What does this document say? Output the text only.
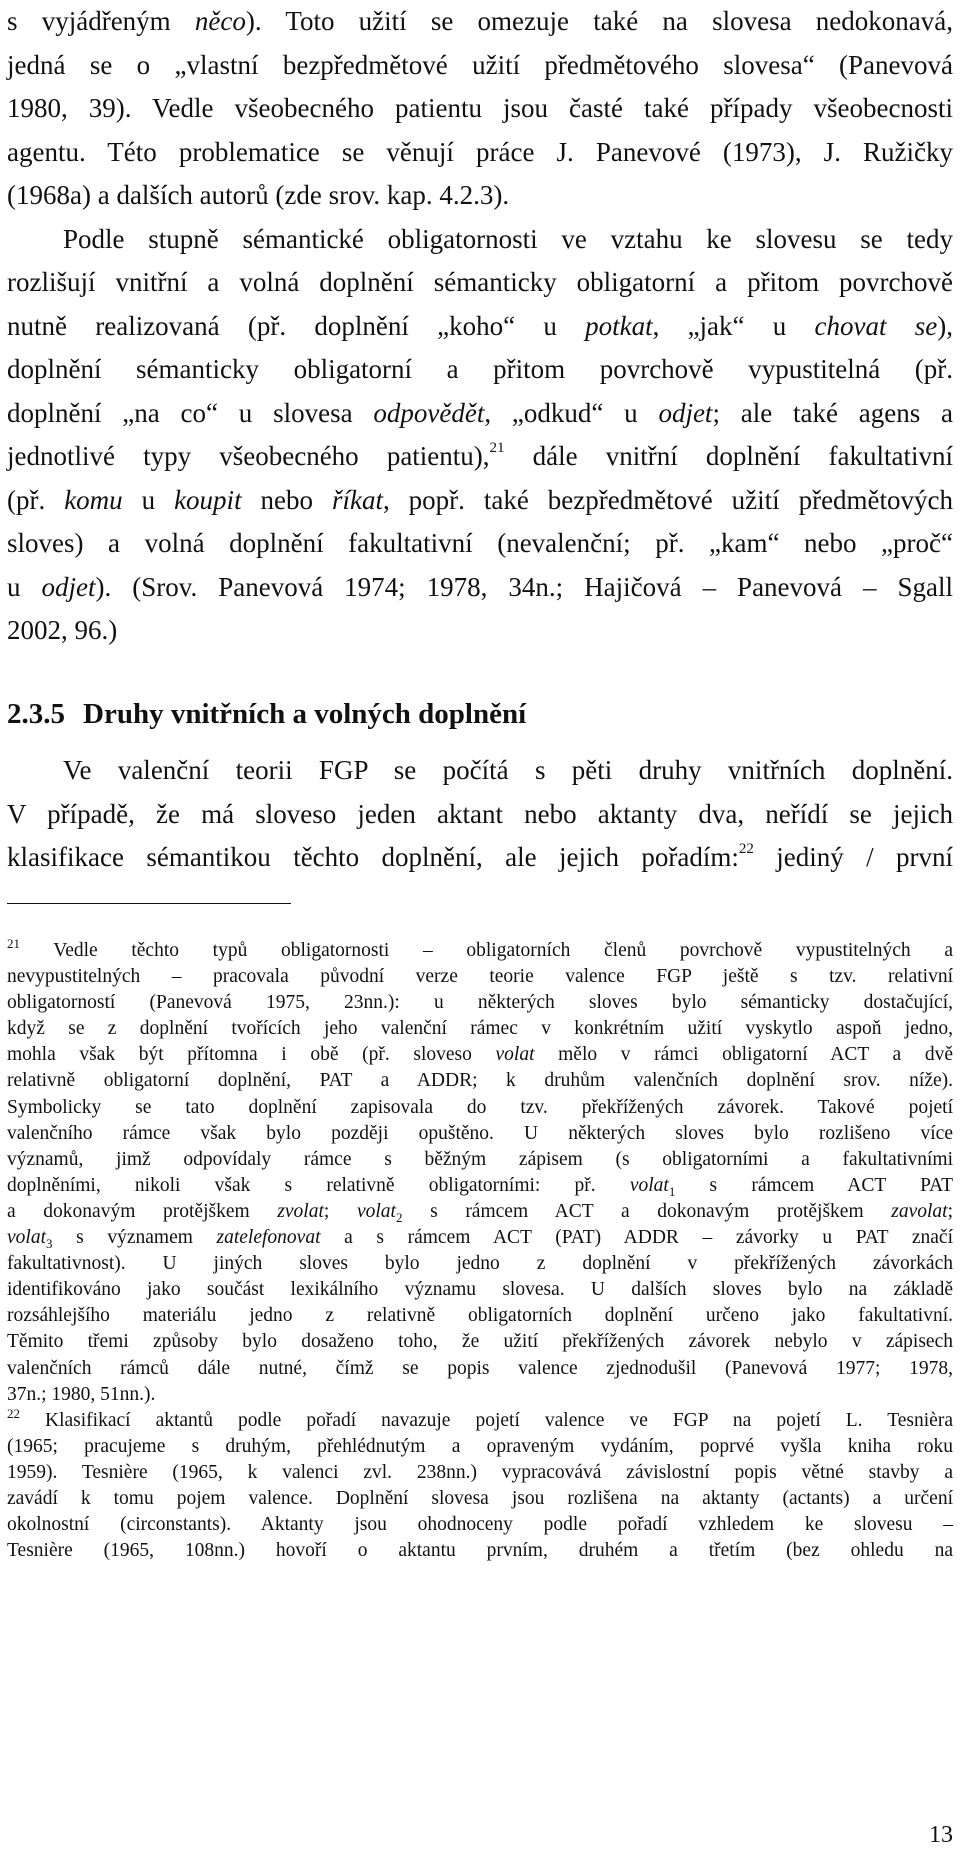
s vyjádřeným něco). Toto užití se omezuje také na slovesa nedokonavá,
jedná se o „vlastní bezpředmětové užití předmětového slovesa“ (Panevová
1980, 39). Vedle všeobecného patientu jsou časté také případy všeobecnosti
agentu. Této problematice se věnují práce J. Panevové (1973), J. Ružičky
(1968a) a dalších autorů (zde srov. kap. 4.2.3).
Podle stupně sémantické obligatornosti ve vztahu ke slovesu se tedy
rozlišují vnitřní a volná doplnění sémanticky obligatorní a přitom povrchově
nutně realizovaná (př. doplnění „koho“ u potkat, „jak“ u chovat se),
doplnění sémanticky obligatorní a přitom povrchově vypustitelná (př.
doplnění „na co“ u slovesa odpovědět, „odkud“ u odjet; ale také agens a
jednotlivé typy všeobecného patientu),$^{21}$ dále vnitřní doplnění fakultativní
(př. komu u koupit nebo říkat, popř. také bezpředmětové užití předmětových
sloves) a volná doplnění fakultativní (nevalenční; př. „kam“ nebo „proč“
u odjet). (Srov. Panevová 1974; 1978, 34n.; Hajičová – Panevová – Sgall
2002, 96.)
2.3.5 Druhy vnitřních a volných doplnění
Ve valenční teorii FGP se počítá s pěti druhy vnitřních doplnění.
V případě, že má sloveso jeden aktant nebo aktanty dva, neřídí se jejich
klasifikace sémantikou těchto doplnění, ale jejich pořadím:$^{22}$ jediný / první
$^{21}$ Vedle těchto typů obligatornosti – obligatorních členů povrchově vypustitelných a
nevypustitelných – pracovala původní verze teorie valence FGP ještě s tzv. relativní
obligatorností (Panevová 1975, 23nn.): u některých sloves bylo sémanticky dostačující,
když se z doplnění tvořících jeho valenční rámec v konkrétním užití vyskytlo aspoň jedno,
mohla však být přítomna i obě (př. sloveso volat mělo v rámci obligatorní ACT a dvě
relativně obligatorní doplnění, PAT a ADDR; k druhům valenčních doplnění srov. níže).
Symbolicky se tato doplnění zapisovala do tzv. překřížených závorek. Takové pojetí
valenčního rámce však bylo později opuštěno. U některých sloves bylo rozlišeno více
významů, jimž odpovídaly rámce s běžným zápisem (s obligatorními a fakultativními
doplněními, nikoli však s relativně obligatorními: př. volat$_1$ s rámcem ACT PAT
a dokonavým protějškem zvolat; volat$_2$ s rámcem ACT a dokonavým protějškem zavolat;
volat$_3$ s významem zatelefonovat a s rámcem ACT (PAT) ADDR – závorky u PAT značí
fakultativnost). U jiných sloves bylo jedno z doplnění v překřížených závorkách
identifikováno jako součást lexikálního významu slovesa. U dalších sloves bylo na základě
rozsáhlejšího materiálu jedno z relativně obligatorních doplnění určeno jako fakultativní.
Těmito třemi způsoby bylo dosaženo toho, že užití překřížených závorek nebylo v zápisech
valenčních rámců dále nutné, čímž se popis valence zjednodušil (Panevová 1977; 1978,
37n.; 1980, 51nn.).
$^{22}$ Klasifikací aktantů podle pořadí navazuje pojetí valence ve FGP na pojetí L. Tesnièra
(1965; pracujeme s druhým, přehlédnutým a opraveným vydáním, poprvé vyšla kniha roku
1959). Tesnière (1965, k valenci zvl. 238nn.) vypracovává závislostní popis větné stavby a
zavádí k tomu pojem valence. Doplnění slovesa jsou rozlišena na aktanty (actants) a určení
okolnostní (circonstants). Aktanty jsou ohodnoceny podle pořadí vzhledem ke slovesu –
Tesnière (1965, 108nn.) hovoří o aktantu prvním, druhém a třetím (bez ohledu na
13
